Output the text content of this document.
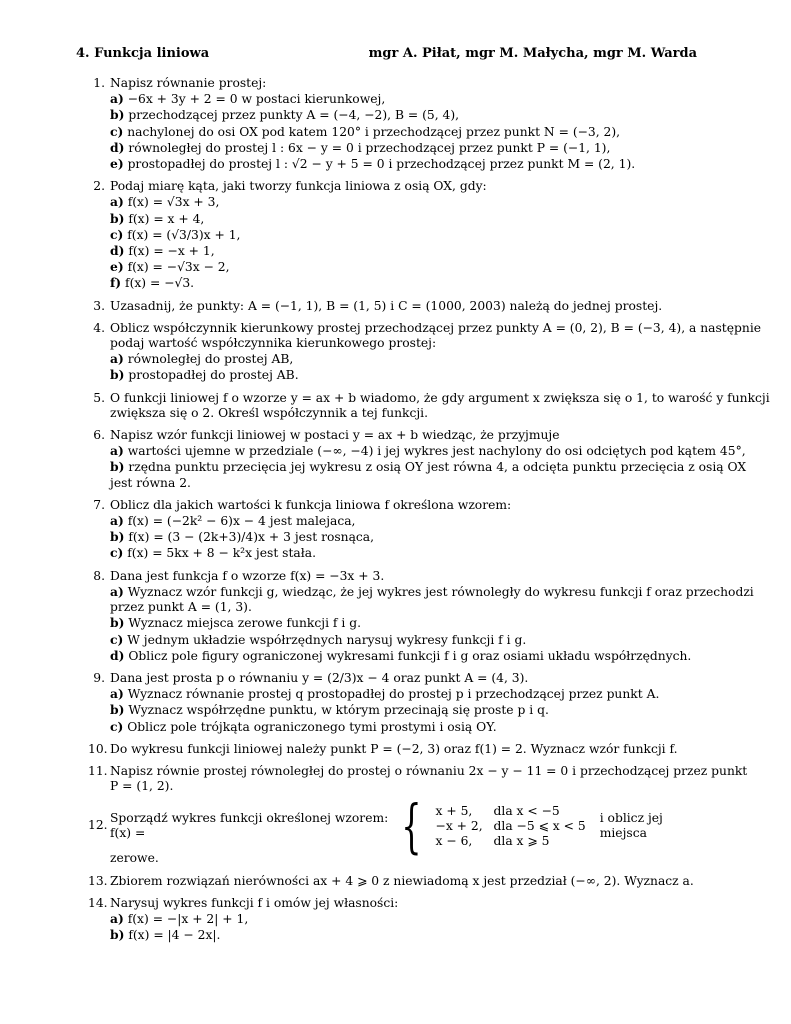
4. Funkcja liniowa	mgr A. Piłat, mgr M. Małycha, mgr M. Warda
1. Napisz równanie prostej:
a) −6x + 3y + 2 = 0 w postaci kierunkowej,
b) przechodzącej przez punkty A = (−4, −2), B = (5, 4),
c) nachylonej do osi OX pod katem 120° i przechodzącej przez punkt N = (−3, 2),
d) równoległej do prostej l : 6x − y = 0 i przechodzącej przez punkt P = (−1, 1),
e) prostopadłej do prostej l : √2 − y + 5 = 0 i przechodzącej przez punkt M = (2, 1).
2. Podaj miarę kąta, jaki tworzy funkcja liniowa z osią OX, gdy:
a) f(x) = √3x + 3,
b) f(x) = x + 4,
c) f(x) = (√3/3)x + 1,
d) f(x) = −x + 1,
e) f(x) = −√3x − 2,
f) f(x) = −√3.
3. Uzasadnij, że punkty: A = (−1, 1), B = (1, 5) i C = (1000, 2003) należą do jednej prostej.
4. Oblicz współczynnik kierunkowy prostej przechodzącej przez punkty A = (0, 2), B = (−3, 4), a następnie
podaj wartość współczynnika kierunkowego prostej:
a) równoległej do prostej AB,
b) prostopadłej do prostej AB.
5. O funkcji liniowej f o wzorze y = ax + b wiadomo, że gdy argument x zwiększa się o 1, to warość y funkcji
zwiększa się o 2. Określ współczynnik a tej funkcji.
6. Napisz wzór funkcji liniowej w postaci y = ax + b wiedząc, że przyjmuje
a) wartości ujemne w przedziale (−∞, −4) i jej wykres jest nachylony do osi odciętych pod kątem 45°,
b) rzędna punktu przecięcia jej wykresu z osią OY jest równa 4, a odcięta punktu przecięcia z osią OX
jest równa 2.
7. Oblicz dla jakich wartości k funkcja liniowa f określona wzorem:
a) f(x) = (−2k² − 6)x − 4 jest malejaca,
b) f(x) = (3 − (2k+3)/4)x + 3 jest rosnąca,
c) f(x) = 5kx + 8 − k²x jest stała.
8. Dana jest funkcja f o wzorze f(x) = −3x + 3.
a) Wyznacz wzór funkcji g, wiedząc, że jej wykres jest równoległy do wykresu funkcji f oraz przechodzi
przez punkt A = (1, 3).
b) Wyznacz miejsca zerowe funkcji f i g.
c) W jednym układzie współrzędnych narysuj wykresy funkcji f i g.
d) Oblicz pole figury ograniczonej wykresami funkcji f i g oraz osiami układu współrzędnych.
9. Dana jest prosta p o równaniu y = (2/3)x − 4 oraz punkt A = (4, 3).
a) Wyznacz równanie prostej q prostopadłej do prostej p i przechodzącej przez punkt A.
b) Wyznacz współrzędne punktu, w którym przecinają się proste p i q.
c) Oblicz pole trójkąta ograniczonego tymi prostymi i osią OY.
10. Do wykresu funkcji liniowej należy punkt P = (−2, 3) oraz f(1) = 2. Wyznacz wzór funkcji f.
11. Napisz równie prostej równoległej do prostej o równaniu 2x − y − 11 = 0 i przechodzącej przez punkt
P = (1, 2).
12.
Sporządź wykres funkcji określonej wzorem: f(x) =	{ x + 5, dla x < −5
−x + 2, dla −5 ⩽ x < 5
x − 6, dla x ⩾ 5
i oblicz jej miejsca
zerowe.
13. Zbiorem rozwiązań nierówności ax + 4 ⩾ 0 z niewiadomą x jest przedział (−∞, 2). Wyznacz a.
14. Narysuj wykres funkcji f i omów jej własności:
a) f(x) = −|x + 2| + 1,
b) f(x) = |4 − 2x|.
